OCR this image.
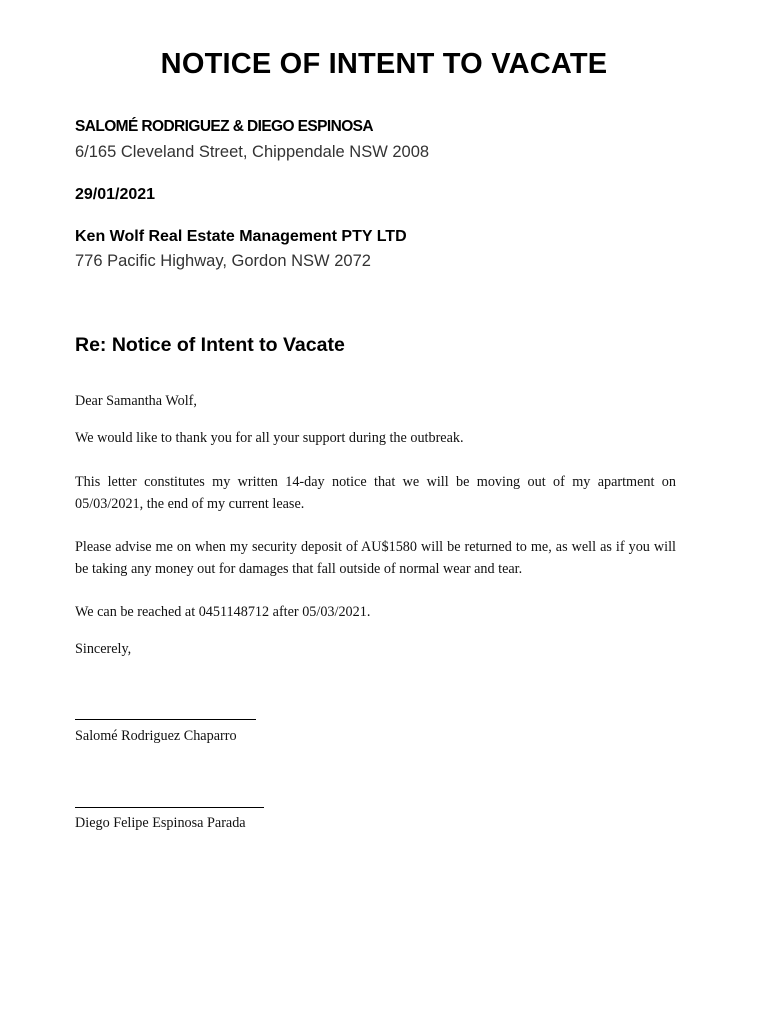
NOTICE OF INTENT TO VACATE

SALOMÉ RODRIGUEZ & DIEGO ESPINOSA

6/165 Cleveland Street, Chippendale NSW 2008

29/01/2021

Ken Wolf Real Estate Management PTY LTD

776 Pacific Highway, Gordon NSW 2072

Re: Notice of Intent to Vacate

Dear Samantha Wolf,

We would like to thank you for all your support during the outbreak.

This letter constitutes my written 14-day notice that we will be moving out of my apartment on 05/03/2021, the end of my current lease.

Please advise me on when my security deposit of AU$1580 will be returned to me, as well as if you will be taking any money out for damages that fall outside of normal wear and tear.

We can be reached at 0451148712 after 05/03/2021.

Sincerely,

Salomé Rodriguez Chaparro

Diego Felipe Espinosa Parada
